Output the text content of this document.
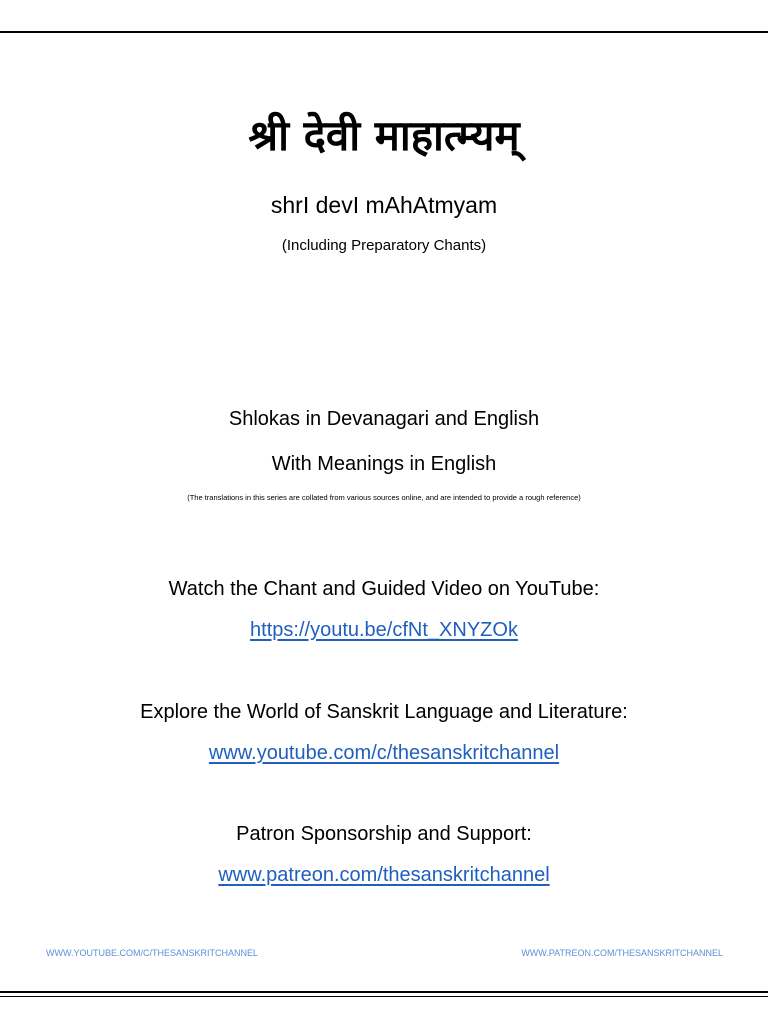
श्री देवी माहात्म्यम्
shrI devI mAhAtmyam
(Including Preparatory Chants)
Shlokas in Devanagari and English
With Meanings in English
(The translations in this series are collated from various sources online, and are intended to provide a rough reference)
Watch the Chant and Guided Video on YouTube:
https://youtu.be/cfNt_XNYZOk
Explore the World of Sanskrit Language and Literature:
www.youtube.com/c/thesanskritchannel
Patron Sponsorship and Support:
www.patreon.com/thesanskritchannel
WWW.YOUTUBE.COM/C/THESANSKRITCHANNEL	WWW.PATREON.COM/THESANSKRITCHANNEL
